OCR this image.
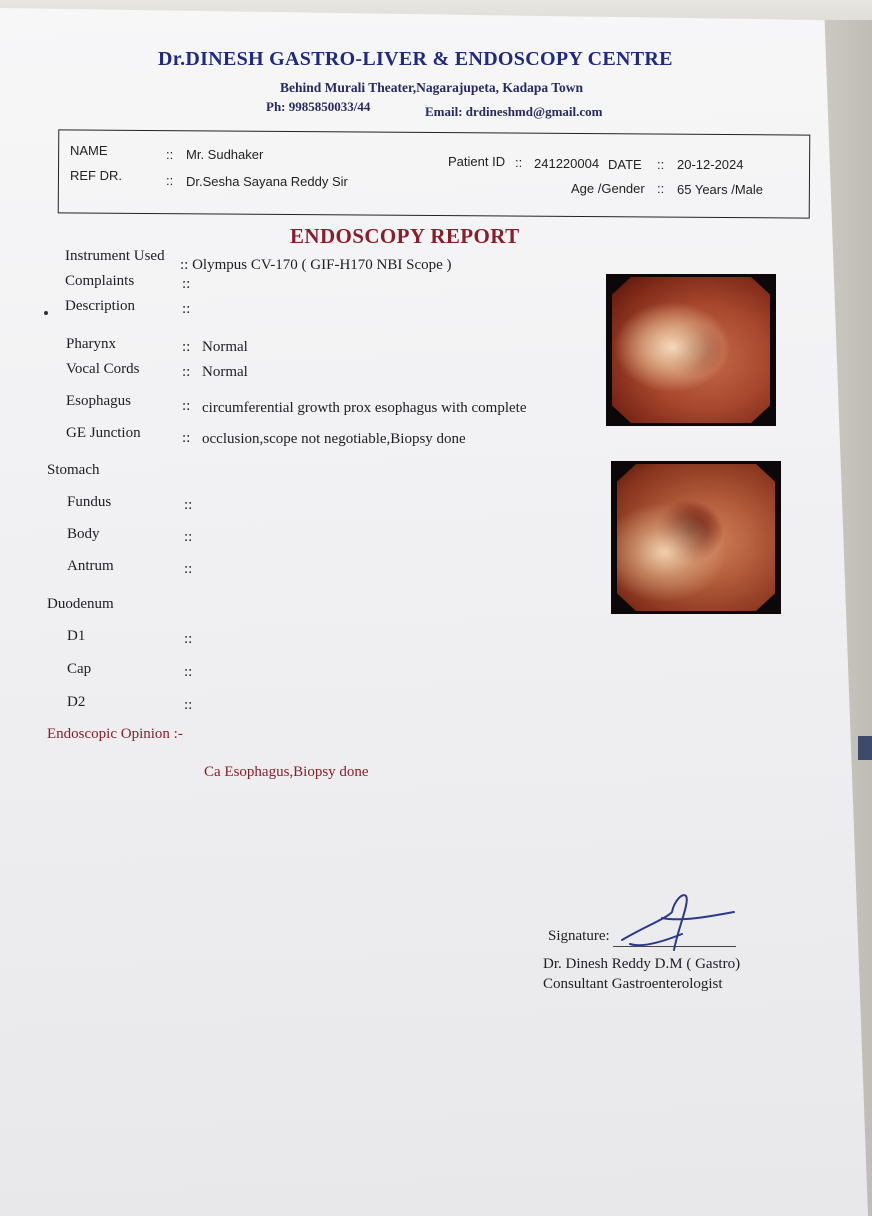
Dr.DINESH GASTRO-LIVER & ENDOSCOPY CENTRE
Behind Murali Theater,Nagarajupeta, Kadapa Town
Ph: 9985850033/44	Email: drdineshmd@gmail.com
NAME	:: Mr. Sudhaker
REF DR.	:: Dr.Sesha Sayana Reddy Sir
Patient ID :: 241220004 DATE :: 20-12-2024
Age /Gender :: 65 Years /Male
ENDOSCOPY REPORT
Instrument Used
:: Olympus CV-170 ( GIF-H170 NBI Scope )
Complaints	::
Description	::
Pharynx	:: Normal
Vocal Cords	:: Normal
Esophagus	:: circumferential growth prox esophagus with complete
GE Junction	:: occlusion,scope not negotiable,Biopsy done
Stomach
Fundus	::
Body	::
Antrum	::
Duodenum
D1	::
Cap	::
D2	::
Endoscopic Opinion :-
Ca Esophagus,Biopsy done
Signature:
Dr. Dinesh Reddy D.M ( Gastro)
Consultant Gastroenterologist
